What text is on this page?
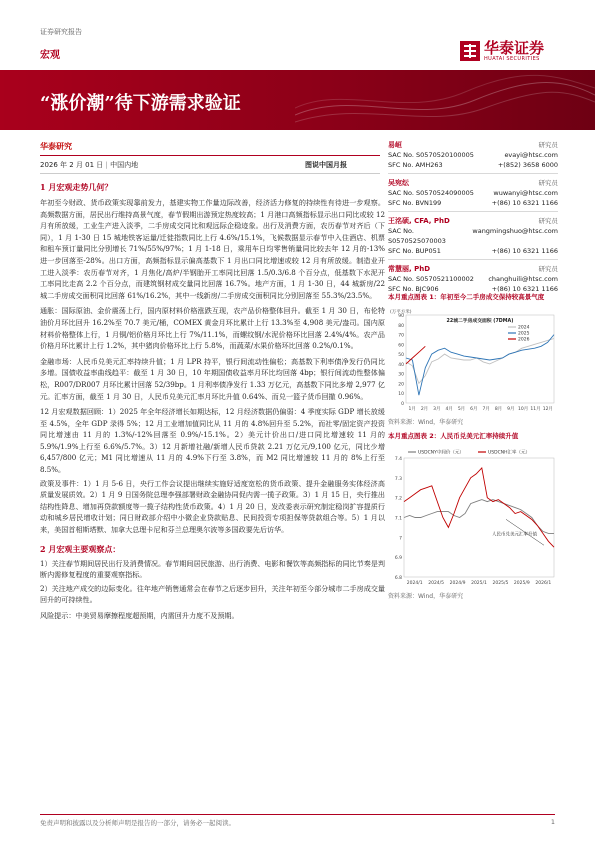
证券研究报告
宏观	华泰证券
HUATAI SECURITIES
“涨价潮”待下游需求验证
华泰研究
2026 年 2 月 01 日 | 中国内地	图说中国月报
1 月宏观走势几何？
年初至今财政、货币政策实现靠前发力，基建实物工作量边际改善，经济活力修复的持续性有待进一步观察。高频数据方面，居民出行维持高景气度，春节假期出游预定热度较高；1 月港口高频指标显示出口同比或较 12 月有所放缓，工业生产进入淡季，二手房成交同比和观远际企稳迹象。出行及消费方面，农历春节对齐后（下同），1 月 1-30 日 15 城地铁客运量/迁徙指数同比上行 4.6%/15.1%，飞候数据显示春节中入住酒店、机票和租车预订量同比分别增长 71%/55%/97%；1 月 1-18 日，乘用车日均零售销量同比较去年 12 月的-13%进一步回落至-28%。出口方面，高频指标显示偏高基数下 1 月出口同比增速或较 12 月有所放缓。制造业开工进入淡季：农历春节对齐，1 月焦化/高炉/半钢胎开工率同比回落 1.5/0.3/6.8 个百分点，低基数下水泥开工率同比走高 2.2 个百分点，而建筑钢材成交量同比回落 16.7%。地产方面，1 月 1-30 日，44 城新房/22 城二手房成交面积同比回落 61%/16.2%，其中一线新房/二手房成交面积同比分别回落至 55.3%/23.5%。
通胀：国际原油、金价震荡上行，国内原材料价格涨跌互现，农产品价格整体回升。截至 1 月 30 日，布伦特油价月环比回升 16.2%至 70.7 美元/桶，COMEX 黄金月环比累计上行 13.3%至 4,908 美元/盎司。国内原材料价格整体上行，1 月铜/铝价格月环比上行 7%/11.1%，而螺纹钢/水泥价格环比回落 2.4%/4%。农产品价格月环比累计上行 1.2%，其中猪肉价格环比上行 5.8%，而蔬菜/水果价格环比回落 0.2%/0.1%。
金融市场：人民币兑美元汇率持续升值；1 月 LPR 持平，银行间流动性偏松；高基数下利率债净发行仍同比多增。国债收益率曲线趋平：截至 1 月 30 日，10 年期国债收益率月环比均回落 4bp；银行间流动性整体偏松，R007/DR007 月环比累计回落 52/39bp。1 月利率债净发行 1.33 万亿元，高基数下同比多增 2,977 亿元。汇率方面，截至 1 月 30 日，人民币兑美元汇率月环比升值 0.64%、而兑一篮子货币回撤 0.96%。
12 月宏观数据回顾：1）2025 年全年经济增长如期达标，12 月经济数据仍偏弱：4 季度实际 GDP 增长放缓至 4.5%，全年 GDP 录得 5%；12 月工业增加值同比从 11 月的 4.8%回升至 5.2%，而社零/固定资产投资同比增速由 11 月的 1.3%/-12%回落至 0.9%/-15.1%。2）美元计价出口/进口同比增速较 11 月的 5.9%/1.9%上行至 6.6%/5.7%。3）12 月新增社融/新增人民币贷款 2.21 万亿元/9,100 亿元，同比少增 6,457/800 亿元；M1 同比增速从 11 月的 4.9%下行至 3.8%，而 M2 同比增速较 11 月的 8%上行至 8.5%。
政策及事件：1）1 月 5-6 日，央行工作会议提出继续实施好适度宽松的货币政策、提升金融服务实体经济高质量发展质效。2）1 月 9 日国务院总理李强部署财政金融协同促内需一揽子政策。3）1 月 15 日，央行推出结构性降息、增加再贷款额度等一揽子结构性货币政策。4）1 月 20 日，发改委表示研究制定稳岗扩容提质行动和城乡居民增收计划；同日财政部介绍中小微企业贷款贴息、民间投资专项担保等贷款组合等。5）1 月以来，美国首相斯塔默、加拿大总理卡尼和芬兰总理奥尔波等多国政要先后访华。
2 月宏观主要观察点：
1）关注春节期间居民出行及消费情况。春节期间居民旅游、出行消费、电影和餐饮等高频指标的同比节奏是判断内需修复程度的重要观察指标。
2）关注地产成交的边际变化。往年地产销售通常会在春节之后逐步回升，关注年初至今部分城市二手房成交量回升的可持续性。
风险提示：中美贸易摩擦程度超预期，内需回升力度不及预期。
易峘	研究员
SAC No. S0570520100005	evayi@htsc.com
SFC No. AMH263	+(852) 3658 6000
吴宛纭	研究员
SAC No. S0570524090005	wuwanyi@htsc.com
SFC No. BVN199	+(86) 10 6321 1166
王洺硕, CFA, PhD	研究员
SAC No. S0570525070003
wangmingshuo@htsc.com
SFC No. BUP051	+(86) 10 6321 1166
常慧丽, PhD	研究员
SAC No. S0570521100002 changhuili@htsc.com
SFC No. BJC906	+(86) 10 6321 1166
本月重点图表 1：年初至今二手房成交保持较高景气度
0
10
20
30
40
50
60
70
80
90
1月 2月 3月 4月 5月 6月 7月 8月 9月 10月 11月 12月
2024
2025
2026
22城二手房成交面积 (7DMA)
(万平方米)
资料来源：Wind，华泰研究
本月重点图表 2：人民币兑美元汇率持续升值
6.8
6.9
7
7.1
7.2
7.3
7.4
2024/1 2024/5 2024/9 2025/1 2025/5 2025/9 2026/1
USDCNY中间价（元）	USDCNH汇率（元）
人民币兑美元汇率升值
资料来源：Wind，华泰研究
免责声明和披露以及分析师声明是报告的一部分，请务必一起阅读。	1
